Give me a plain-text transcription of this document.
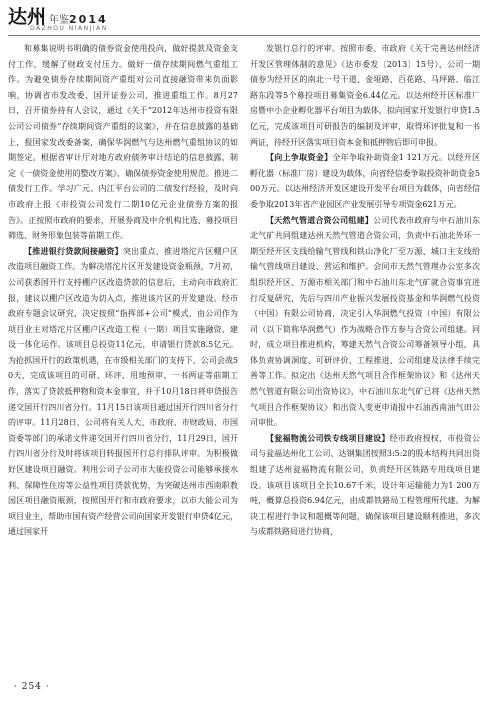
达州 年鉴2014
DAZHOU NIANJIAN

和募集说明书明确的债券资金使用投向，做好提款及资金支付工作，缓解了财政支付压力。做好一债存续期间燃气重组工作。为避免债券存续期间资产重组对公司直接融资带来负面影响，协调省市发改委、国开证券公司，推进重组工作。8月27日，召开债券持有人会议，通过《关于“2012年达州市投资有限公司公司债券”存续期间资产重组的议案》，并在信息披露的基础上，报国家发改委备案，确保华润燃气与达州燃气重组协议的如期签定。根据省审计厅对地方政府债务审计结论的信息披露，制定《一债资金使用的整改方案》，确保债券资金使用规范。推进二债发行工作。学习广元、内江平台公司的二债发行经验，及时向市政府上报《市投资公司发行二期10亿元企业债券方案的报告》。正按照市政府的要求，开展券商及中介机构比选、募投项目筛选、财务形象包装等前期工作。

【推进银行贷款间接融资】突出重点，推进塔沱片区棚户区改造项目融资工作。为解决塔沱片区开发建设资金瓶颈，7月初，公司获悉国开行支持棚户区改造贷款的信息后，主动向市政府汇报，建议以棚户区改造为切入点，推进该片区的开发建设。经市政府专题会议研究，决定按照“指挥部+公司”模式，由公司作为项目业主对塔沱片区棚户区改造工程（一期）项目实施融资、建设一体化运作。该项目总投资11亿元，申请银行贷款8.5亿元。为抢抓国开行的政策机遇，在市级相关部门的支持下，公司会战50天，完成该项目的可研、环评、用地预审、一书两证等前期工作，落实了贷款抵押物和资本金事宜，并于10月18日将申贷报告递交国开行四川省分行。11月15日该项目通过国开行四川省分行的评审。11月28日，公司将有关人大、市政府、市财政局、市国资委等部门的承诺文件递交国开行四川省分行，11月29日，国开行四川省分行及时将该项目转报国开行总行排队评审。为积极做好区建设项目融资。利用公司子公司市大能投资公司能够承接水利、保障性住房等公益性项目贷款优势，为突破达州市西南职教园区项目融资瓶颈，按照国开行和市政府要求，以市大能公司为项目业主，帮助市国有资产经营公司向国家开发银行申贷4亿元，通过国家开

发银行总行的评审。按照市委、市政府《关于完善达州经济开发区管理体制的意见》（达市委发〔2013〕15号），公司一期债券为经开区的南北一号干道、金垭路、百花路、马坪路、临江路东段等5个募投项目募集资金6.44亿元。以达州经开区标准厂房暨中小企业孵化器平台项目为载体，拟向国家开发银行申贷1.5亿元，完成该项目可研报告的编制及评审，取得环评批复和一书两证，待经开区落实项目资本金和抵押物后即可申报。

【向上争取资金】全年争取补助资金1 121万元。以经开区孵化器（标准厂房）建设为载体，向省经信委争取投资补助资金500万元。以达州经济开发区建设开发平台项目为载体，向省经信委争取2013年省产业园区产业发展引导专项资金621万元。

【天然气管道合资公司组建】公司代表市政府与中石油川东北气矿共同组建达州天然气管道合资公司，负责中石油北外环一期至经开区支线给输气管线和铁山净化厂至万源、城口主支线给输气管线项目建设、营运和维护。会同市天然气管理办公室多次组织经开区、万源市相关部门和中石油川东北气矿就合资事宜进行反复研究，先后与四川产业振兴发展投资基金和华润燃气投资（中国）有限公司协商，决定引入华润燃气投资（中国）有限公司（以下简称华润燃气）作为战略合作方参与合资公司组建。同时，成立项目推进机构，筹建天然气合资公司筹备领导小组，具体负责协调洞度、可研评价、工程推进、公司组建及法律手续完善等工作。拟定出《达州天然气项目合作框架协议》和《达州天然气管道有限公司出资协议》，中石油川东北气矿已将《达州天然气项目合作框架协议》和出资人变更申请报中石油西南油气田公司审批。

【瓮福物流公司铁专线项目建设】经市政府授权，市投资公司与瓮福达州化工公司、达钢集团按照3:5:2的股本结构共同出资组建了达州瓮福物流有限公司，负责经开区铁路专用线项目建设。该项目该项目全长10.67千米，设计年运输能力为1 200万吨，概算总投资6.94亿元，由成都铁路局工程管理所代建。为解决工程进行争议和超概等问题，确保该项目建设顺利推进，多次与成都铁路局进行协商，

· 254 ·
